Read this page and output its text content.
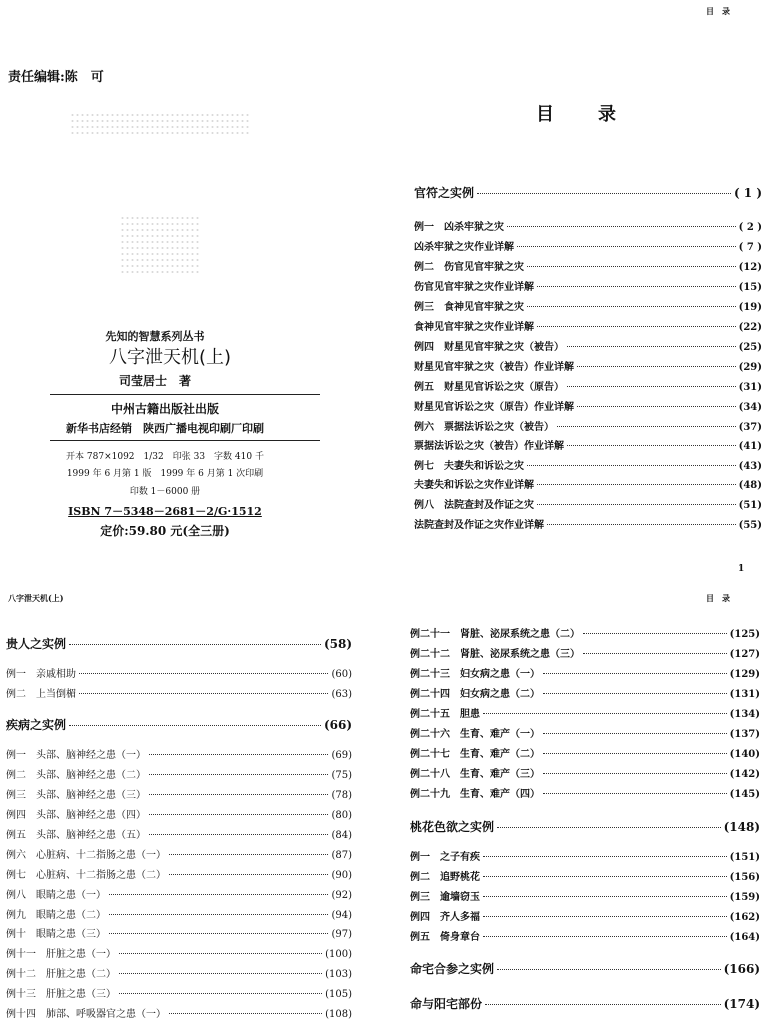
责任编辑:陈　可
先知的智慧系列丛书
八字泄天机(上)
司莹居士　著
中州古籍出版社出版
新华书店经销　陕西广播电视印刷厂印刷
开本 787×1092　1/32　印张 33　字数 410 千
1999 年 6 月第 1 版　1999 年 6 月第 1 次印刷
印数 1－6000 册
ISBN 7－5348－2681－2/G·1512
定价:59.80 元(全三册)
目　录
目录
官符之实例	( 1 )
例一　凶杀牢狱之灾	( 2 )
凶杀牢狱之灾作业详解	( 7 )
例二　伤官见官牢狱之灾	(12)
伤官见官牢狱之灾作业详解	(15)
例三　食神见官牢狱之灾	(19)
食神见官牢狱之灾作业详解	(22)
例四　财星见官牢狱之灾（被告）	(25)
财星见官牢狱之灾（被告）作业详解	(29)
例五　财星见官诉讼之灾（原告）	(31)
财星见官诉讼之灾（原告）作业详解	(34)
例六　票据法诉讼之灾（被告）	(37)
票据法诉讼之灾（被告）作业详解	(41)
例七　夫妻失和诉讼之灾	(43)
夫妻失和诉讼之灾作业详解	(48)
例八　法院查封及作证之灾	(51)
法院查封及作证之灾作业详解	(55)
1
八字泄天机(上)
贵人之实例	(58)
例一　亲戚相助	(60)
例二　上当倒楣	(63)
疾病之实例	(66)
例一　头部、脑神经之患（一）	(69)
例二　头部、脑神经之患（二）	(75)
例三　头部、脑神经之患（三）	(78)
例四　头部、脑神经之患（四）	(80)
例五　头部、脑神经之患（五）	(84)
例六　心脏病、十二指肠之患（一）	(87)
例七　心脏病、十二指肠之患（二）	(90)
例八　眼睛之患（一）	(92)
例九　眼睛之患（二）	(94)
例十　眼睛之患（三）	(97)
例十一　肝脏之患（一）	(100)
例十二　肝脏之患（二）	(103)
例十三　肝脏之患（三）	(105)
例十四　肺部、呼吸器官之患（一）	(108)
目　录
例二十一　肾脏、泌尿系统之患（二）	(125)
例二十二　肾脏、泌尿系统之患（三）	(127)
例二十三　妇女病之患（一）	(129)
例二十四　妇女病之患（二）	(131)
例二十五　胆患	(134)
例二十六　生育、难产（一）	(137)
例二十七　生育、难产（二）	(140)
例二十八　生育、难产（三）	(142)
例二十九　生育、难产（四）	(145)
桃花色欲之实例	(148)
例一　之子有疾	(151)
例二　追野桃花	(156)
例三　逾墙窃玉	(159)
例四　齐人多福	(162)
例五　倚身章台	(164)
命宅合参之实例	(166)
命与阳宅部份	(174)
